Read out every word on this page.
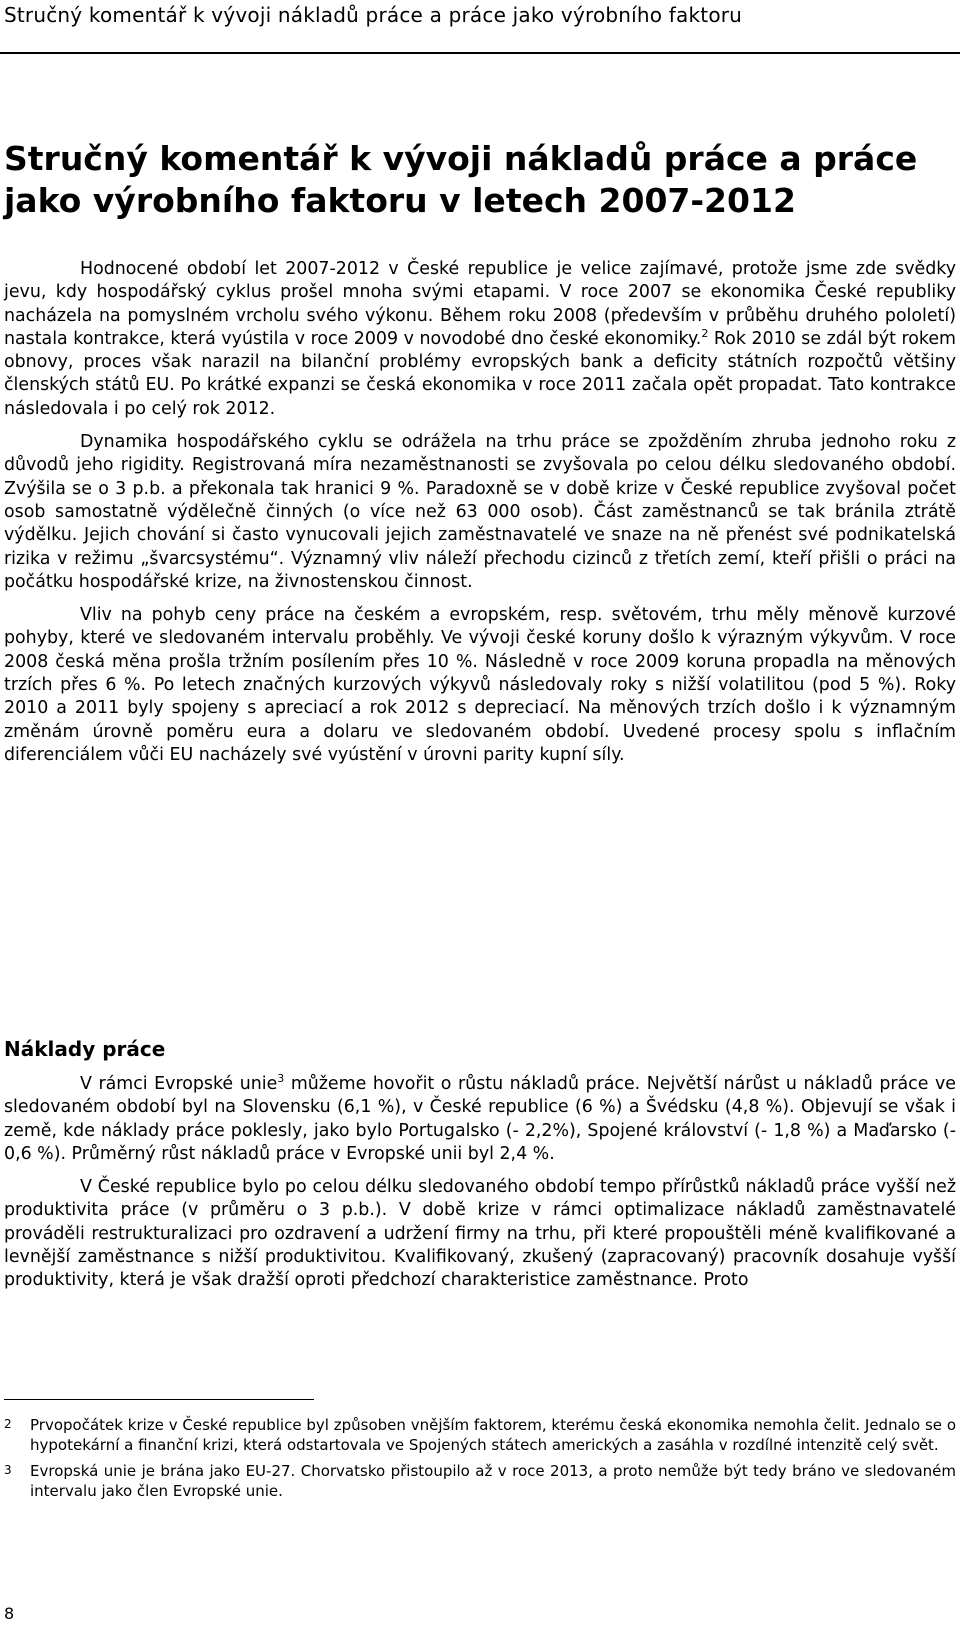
Stručný komentář k vývoji nákladů práce a práce jako výrobního faktoru
Stručný komentář k vývoji nákladů práce a práce
jako výrobního faktoru v letech 2007-2012

Hodnocené období let 2007-2012 v České republice je velice zajímavé, protože jsme zde svědky jevu, kdy hospodářský cyklus prošel mnoha svými etapami. V roce 2007 se ekonomika České republiky nacházela na pomyslném vrcholu svého výkonu. Během roku 2008 (především v průběhu druhého pololetí) nastala kontrakce, která vyústila v roce 2009 v novodobé dno české ekonomiky.$^2$ Rok 2010 se zdál být rokem obnovy, proces však narazil na bilanční problémy evropských bank a deficity státních rozpočtů většiny členských států EU. Po krátké expanzi se česká ekonomika v roce 2011 začala opět propadat. Tato kontrakce následovala i po celý rok 2012.

Dynamika hospodářského cyklu se odrážela na trhu práce se zpožděním zhruba jednoho roku z důvodů jeho rigidity. Registrovaná míra nezaměstnanosti se zvyšovala po celou délku sledovaného období. Zvýšila se o 3 p.b. a překonala tak hranici 9 %. Paradoxně se v době krize v České republice zvyšoval počet osob samostatně výdělečně činných (o více než 63 000 osob). Část zaměstnanců se tak bránila ztrátě výdělku. Jejich chování si často vynucovali jejich zaměstnavatelé ve snaze na ně přenést své podnikatelská rizika v režimu „švarcsystému“. Významný vliv náleží přechodu cizinců z třetích zemí, kteří přišli o práci na počátku hospodářské krize, na živnostenskou činnost.

Vliv na pohyb ceny práce na českém a evropském, resp. světovém, trhu měly měnově kurzové pohyby, které ve sledovaném intervalu proběhly. Ve vývoji české koruny došlo k výrazným výkyvům. V roce 2008 česká měna prošla tržním posílením přes 10 %. Následně v roce 2009 koruna propadla na měnových trzích přes 6 %. Po letech značných kurzových výkyvů následovaly roky s nižší volatilitou (pod 5 %). Roky 2010 a 2011 byly spojeny s apreciací a rok 2012 s depreciací. Na měnových trzích došlo i k významným změnám úrovně poměru eura a dolaru ve sledovaném období. Uvedené procesy spolu s inflačním diferenciálem vůči EU nacházely své vyústění v úrovni parity kupní síly.

Náklady práce

V rámci Evropské unie$^3$ můžeme hovořit o růstu nákladů práce. Největší nárůst u nákladů práce ve sledovaném období byl na Slovensku (6,1 %), v České republice (6 %) a Švédsku (4,8 %). Objevují se však i země, kde náklady práce poklesly, jako bylo Portugalsko (- 2,2%), Spojené království (- 1,8 %) a Maďarsko (- 0,6 %). Průměrný růst nákladů práce v Evropské unii byl 2,4 %.

V České republice bylo po celou délku sledovaného období tempo přírůstků nákladů práce vyšší než produktivita práce (v průměru o 3 p.b.). V době krize v rámci optimalizace nákladů zaměstnavatelé prováděli restrukturalizaci pro ozdravení a udržení firmy na trhu, při které propouštěli méně kvalifikované a levnější zaměstnance s nižší produktivitou. Kvalifikovaný, zkušený (zapracovaný) pracovník dosahuje vyšší produktivity, která je však dražší oproti předchozí charakteristice zaměstnance. Proto

2	Prvopočátek krize v České republice byl způsoben vnějším faktorem, kterému česká ekonomika nemohla čelit. Jednalo se o hypotekární a finanční krizi, která odstartovala ve Spojených státech amerických a zasáhla v rozdílné intenzitě celý svět.
3	Evropská unie je brána jako EU-27. Chorvatsko přistoupilo až v roce 2013, a proto nemůže být tedy bráno ve sledovaném intervalu jako člen Evropské unie.
8
